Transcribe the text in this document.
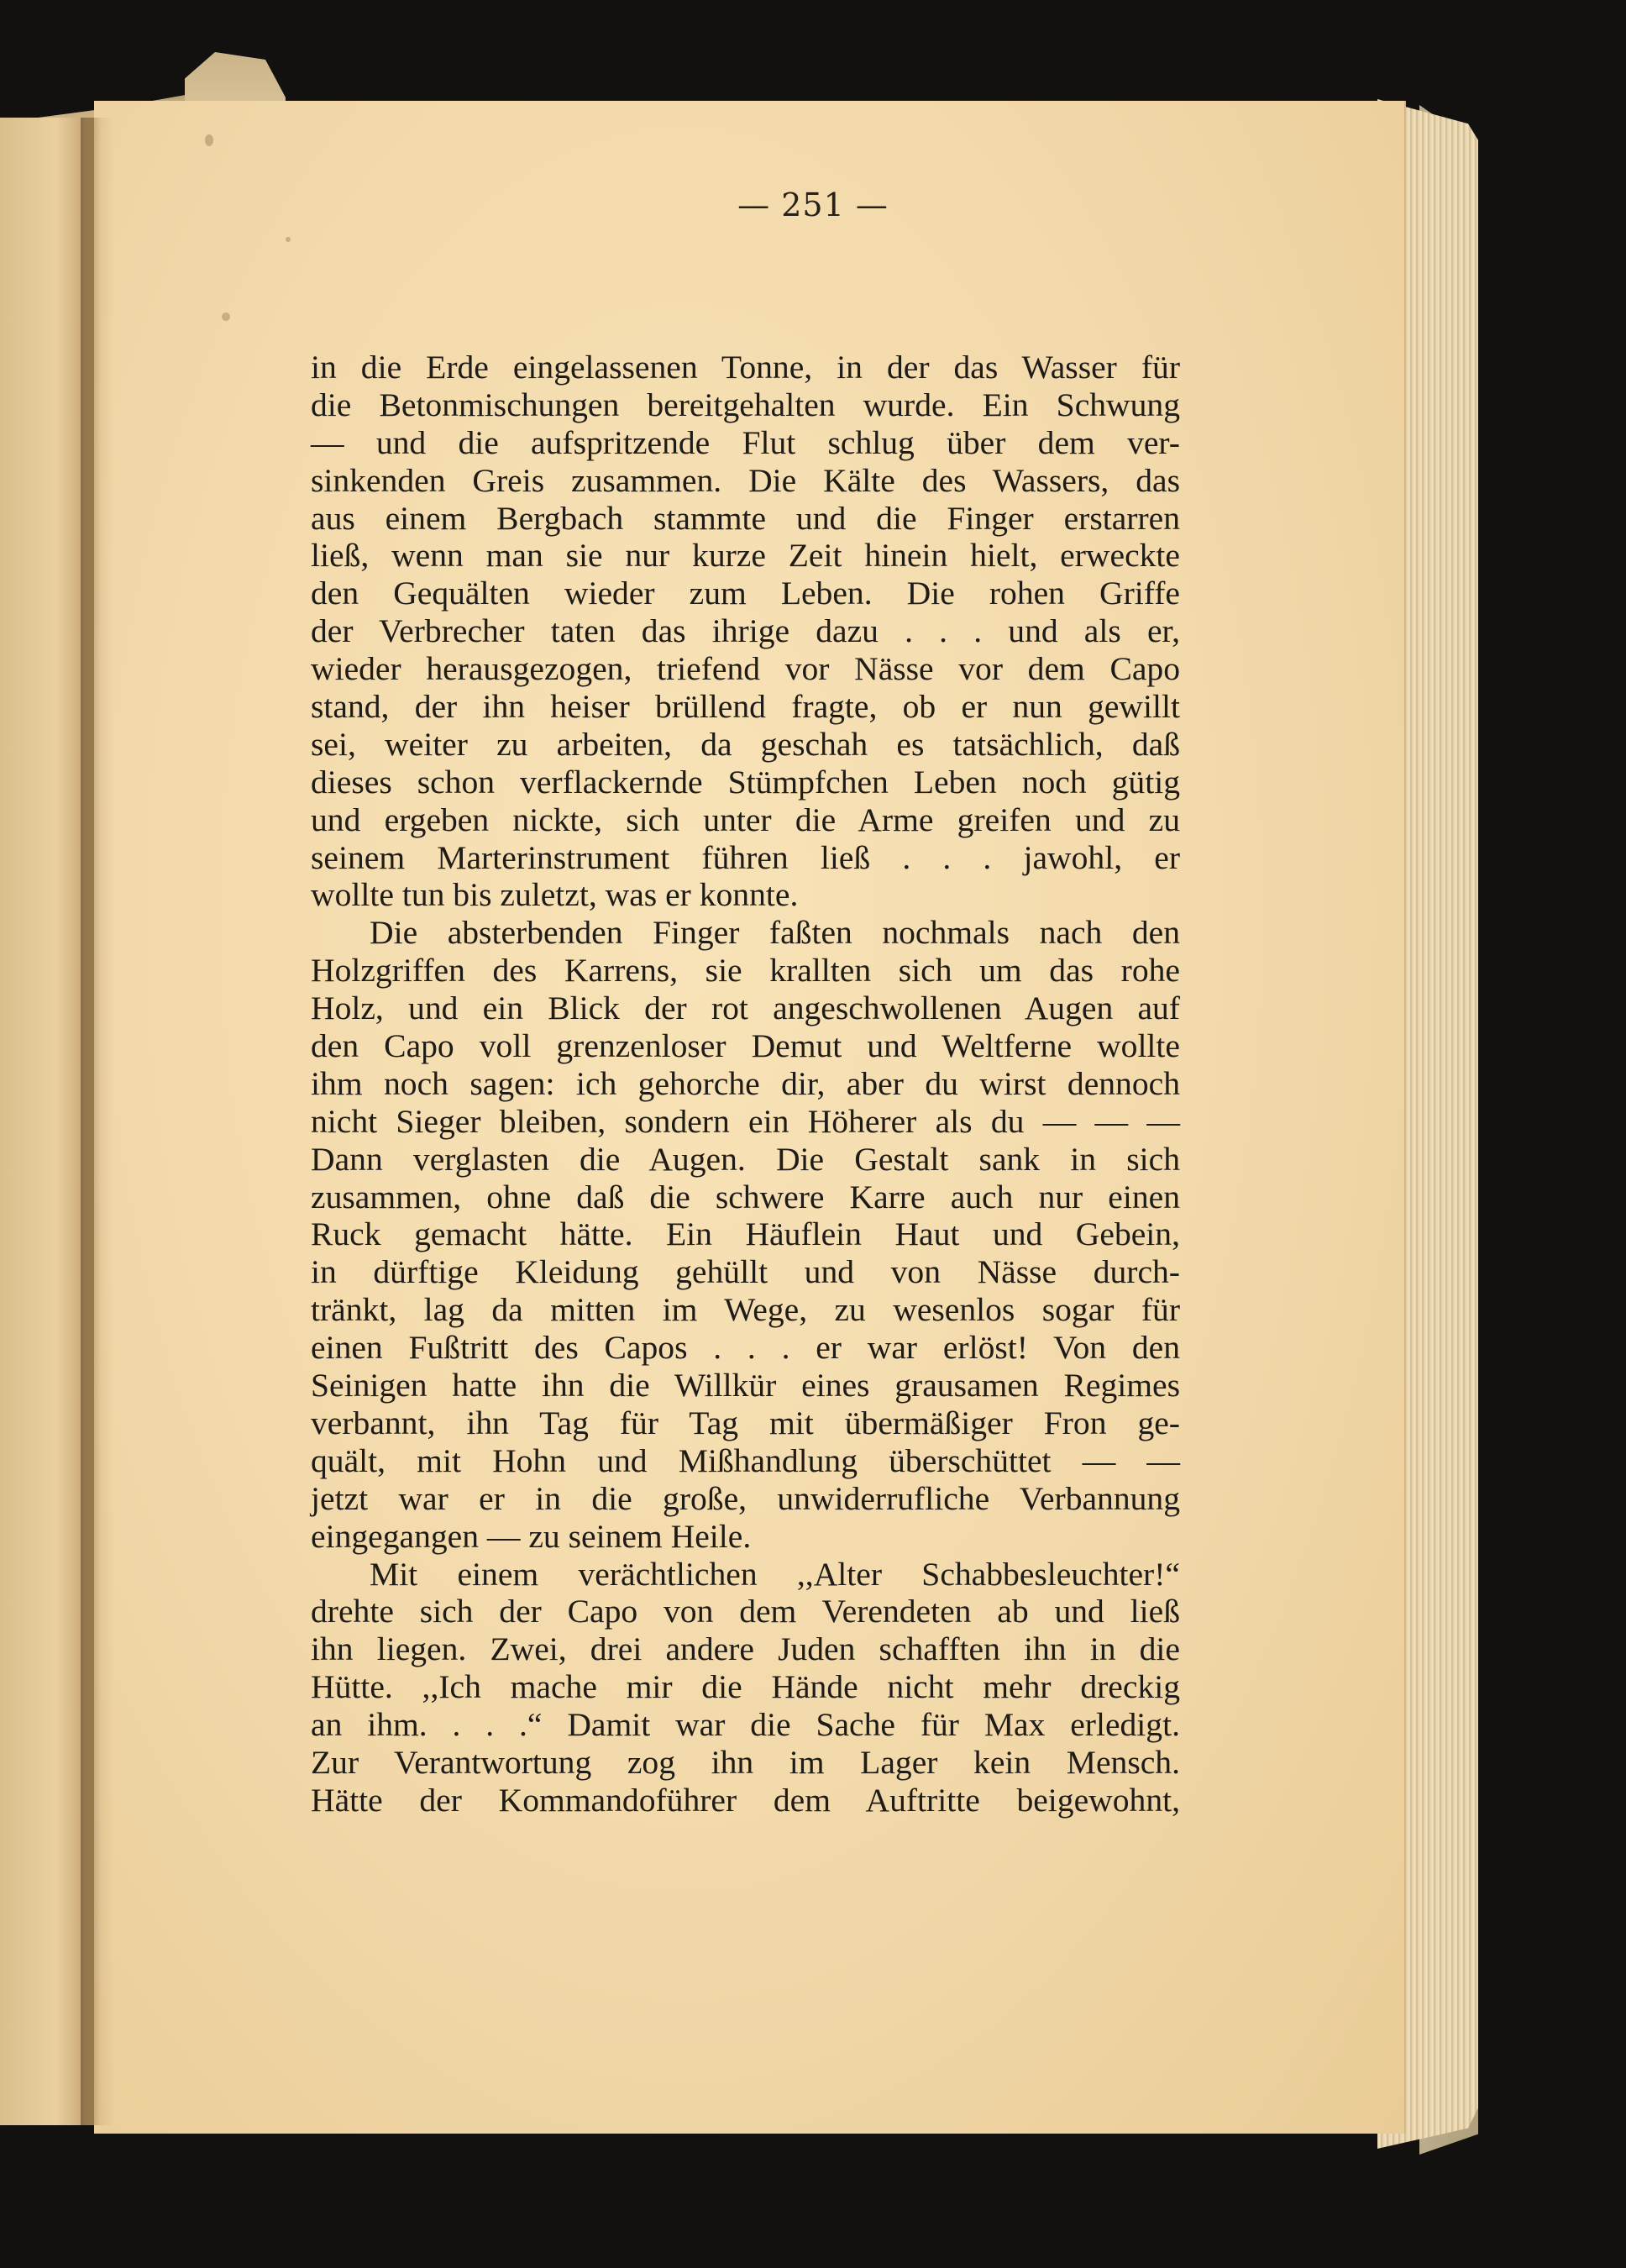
— 251 —
in die Erde eingelassenen Tonne, in der das Wasser für
die Betonmischungen bereitgehalten wurde. Ein Schwung
— und die aufspritzende Flut schlug über dem ver-
sinkenden Greis zusammen. Die Kälte des Wassers, das
aus einem Bergbach stammte und die Finger erstarren
ließ, wenn man sie nur kurze Zeit hinein hielt, erweckte
den Gequälten wieder zum Leben. Die rohen Griffe
der Verbrecher taten das ihrige dazu . . . und als er,
wieder herausgezogen, triefend vor Nässe vor dem Capo
stand, der ihn heiser brüllend fragte, ob er nun gewillt
sei, weiter zu arbeiten, da geschah es tatsächlich, daß
dieses schon verflackernde Stümpfchen Leben noch gütig
und ergeben nickte, sich unter die Arme greifen und zu
seinem Marterinstrument führen ließ . . . jawohl, er
wollte tun bis zuletzt, was er konnte.
Die absterbenden Finger faßten nochmals nach den
Holzgriffen des Karrens, sie krallten sich um das rohe
Holz, und ein Blick der rot angeschwollenen Augen auf
den Capo voll grenzenloser Demut und Weltferne wollte
ihm noch sagen: ich gehorche dir, aber du wirst dennoch
nicht Sieger bleiben, sondern ein Höherer als du — — —
Dann verglasten die Augen. Die Gestalt sank in sich
zusammen, ohne daß die schwere Karre auch nur einen
Ruck gemacht hätte. Ein Häuflein Haut und Gebein,
in dürftige Kleidung gehüllt und von Nässe durch-
tränkt, lag da mitten im Wege, zu wesenlos sogar für
einen Fußtritt des Capos . . . er war erlöst! Von den
Seinigen hatte ihn die Willkür eines grausamen Regimes
verbannt, ihn Tag für Tag mit übermäßiger Fron ge-
quält, mit Hohn und Mißhandlung überschüttet — —
jetzt war er in die große, unwiderrufliche Verbannung
eingegangen — zu seinem Heile.
Mit einem verächtlichen ,,Alter Schabbesleuchter!“
drehte sich der Capo von dem Verendeten ab und ließ
ihn liegen. Zwei, drei andere Juden schafften ihn in die
Hütte. ,,Ich mache mir die Hände nicht mehr dreckig
an ihm. . . .“ Damit war die Sache für Max erledigt.
Zur Verantwortung zog ihn im Lager kein Mensch.
Hätte der Kommandoführer dem Auftritte beigewohnt,
